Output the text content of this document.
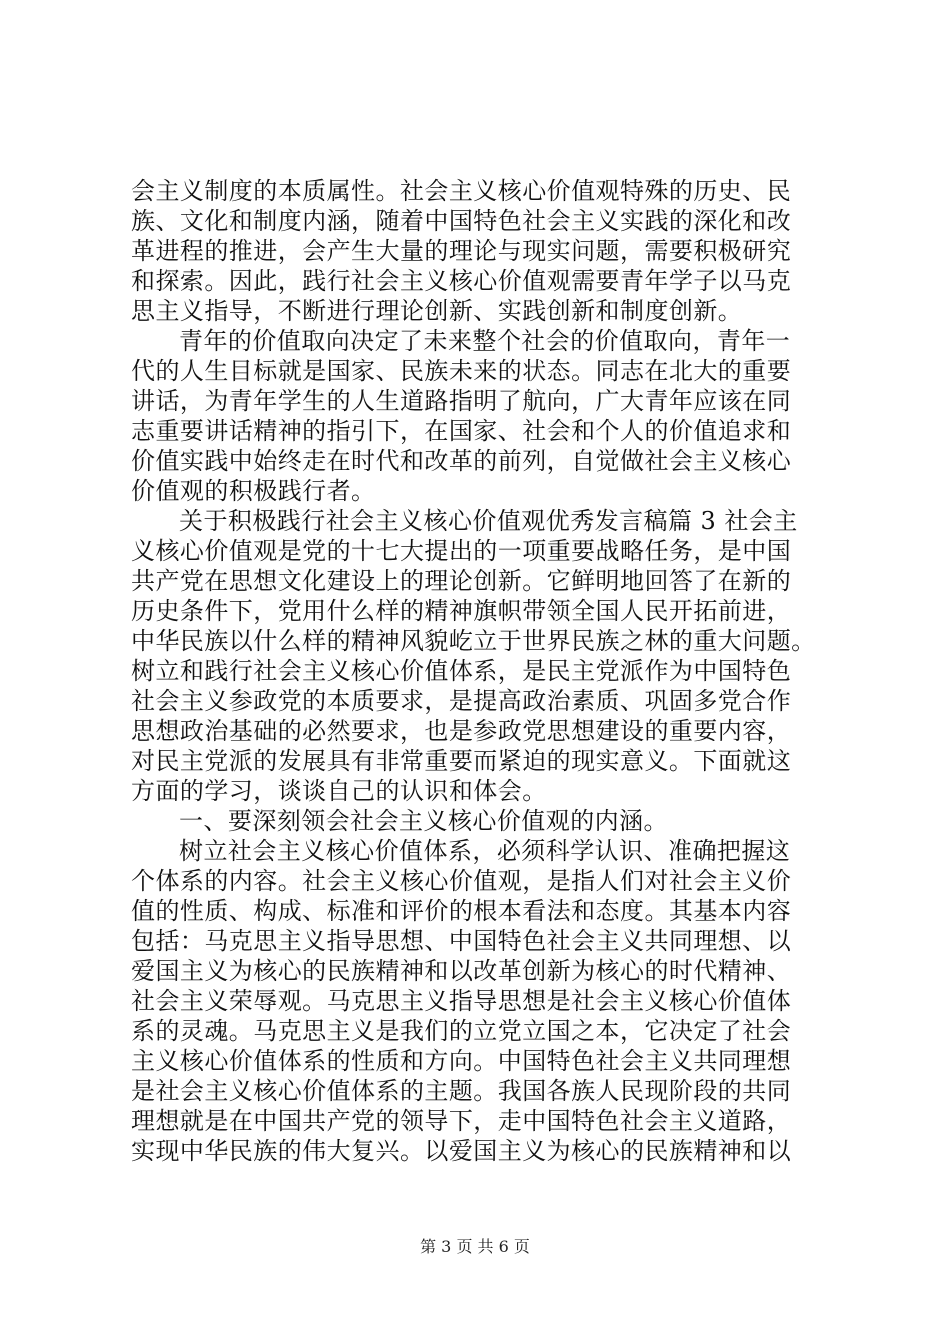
会主义制度的本质属性。社会主义核心价值观特殊的历史、民
族、文化和制度内涵，随着中国特色社会主义实践的深化和改
革进程的推进，会产生大量的理论与现实问题，需要积极研究
和探索。因此，践行社会主义核心价值观需要青年学子以马克
思主义指导，不断进行理论创新、实践创新和制度创新。
青年的价值取向决定了未来整个社会的价值取向，青年一
代的人生目标就是国家、民族未来的状态。同志在北大的重要
讲话，为青年学生的人生道路指明了航向，广大青年应该在同
志重要讲话精神的指引下，在国家、社会和个人的价值追求和
价值实践中始终走在时代和改革的前列，自觉做社会主义核心
价值观的积极践行者。
关于积极践行社会主义核心价值观优秀发言稿篇 3 社会主
义核心价值观是党的十七大提出的一项重要战略任务，是中国
共产党在思想文化建设上的理论创新。它鲜明地回答了在新的
历史条件下，党用什么样的精神旗帜带领全国人民开拓前进，
中华民族以什么样的精神风貌屹立于世界民族之林的重大问题。
树立和践行社会主义核心价值体系，是民主党派作为中国特色
社会主义参政党的本质要求，是提高政治素质、巩固多党合作
思想政治基础的必然要求，也是参政党思想建设的重要内容，
对民主党派的发展具有非常重要而紧迫的现实意义。下面就这
方面的学习，谈谈自己的认识和体会。
一、要深刻领会社会主义核心价值观的内涵。
树立社会主义核心价值体系，必须科学认识、准确把握这
个体系的内容。社会主义核心价值观，是指人们对社会主义价
值的性质、构成、标准和评价的根本看法和态度。其基本内容
包括：马克思主义指导思想、中国特色社会主义共同理想、以
爱国主义为核心的民族精神和以改革创新为核心的时代精神、
社会主义荣辱观。马克思主义指导思想是社会主义核心价值体
系的灵魂。马克思主义是我们的立党立国之本，它决定了社会
主义核心价值体系的性质和方向。中国特色社会主义共同理想
是社会主义核心价值体系的主题。我国各族人民现阶段的共同
理想就是在中国共产党的领导下，走中国特色社会主义道路，
实现中华民族的伟大复兴。以爱国主义为核心的民族精神和以
第 3 页 共 6 页
